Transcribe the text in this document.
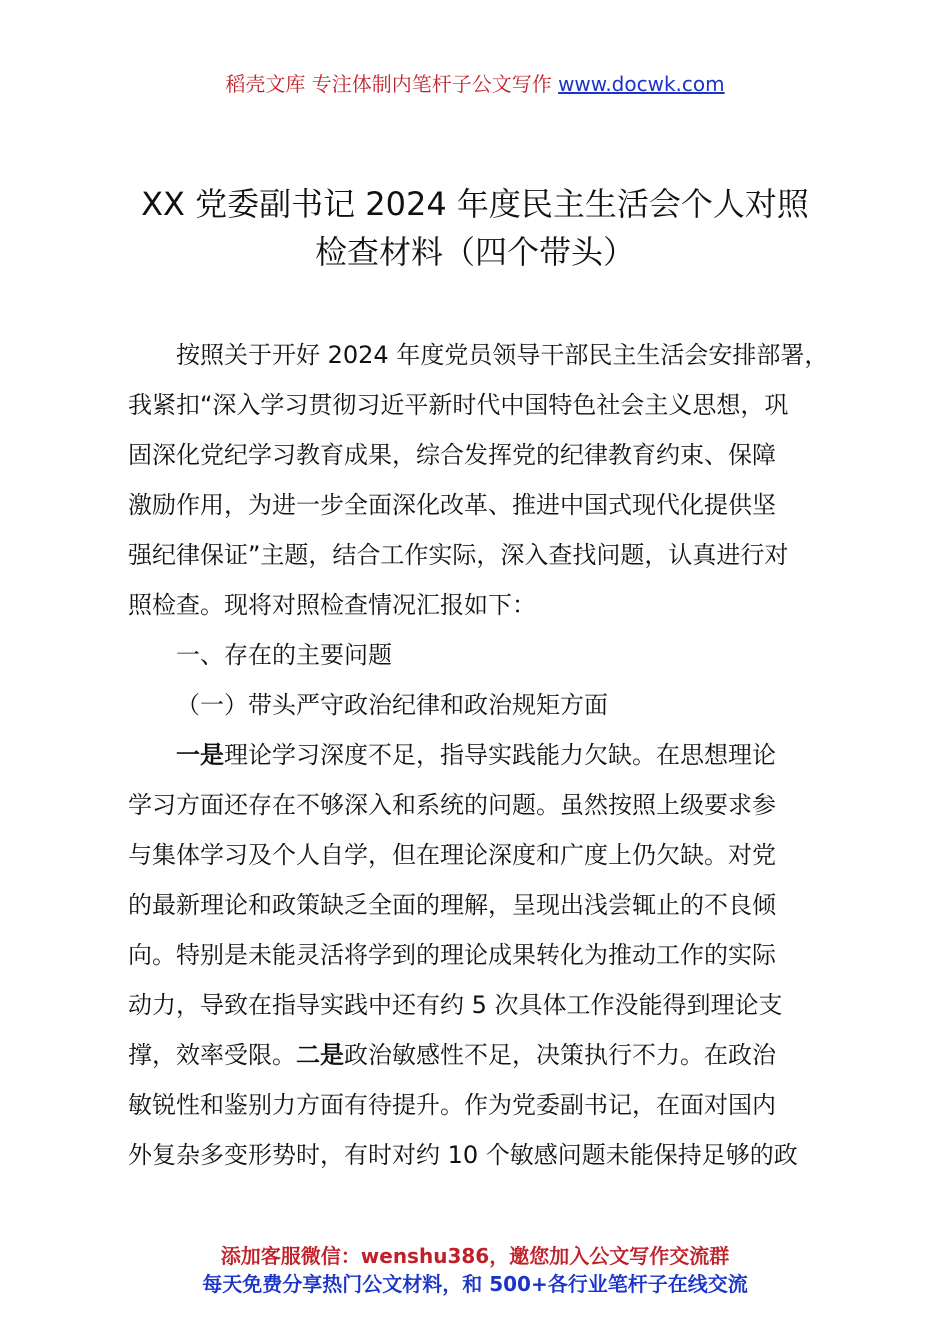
稻壳文库 专注体制内笔杆子公文写作 www.docwk.com
XX 党委副书记 2024 年度民主生活会个人对照
检查材料（四个带头）
按照关于开好 2024 年度党员领导干部民主生活会安排部署，
我紧扣“深入学习贯彻习近平新时代中国特色社会主义思想，巩
固深化党纪学习教育成果，综合发挥党的纪律教育约束、保障
激励作用，为进一步全面深化改革、推进中国式现代化提供坚
强纪律保证”主题，结合工作实际，深入查找问题，认真进行对
照检查。现将对照检查情况汇报如下：
一、存在的主要问题
（一）带头严守政治纪律和政治规矩方面
一是理论学习深度不足，指导实践能力欠缺。在思想理论
学习方面还存在不够深入和系统的问题。虽然按照上级要求参
与集体学习及个人自学，但在理论深度和广度上仍欠缺。对党
的最新理论和政策缺乏全面的理解，呈现出浅尝辄止的不良倾
向。特别是未能灵活将学到的理论成果转化为推动工作的实际
动力，导致在指导实践中还有约 5 次具体工作没能得到理论支
撑，效率受限。二是政治敏感性不足，决策执行不力。在政治
敏锐性和鉴别力方面有待提升。作为党委副书记，在面对国内
外复杂多变形势时，有时对约 10 个敏感问题未能保持足够的政
添加客服微信：wenshu386，邀您加入公文写作交流群
每天免费分享热门公文材料，和 500+各行业笔杆子在线交流
